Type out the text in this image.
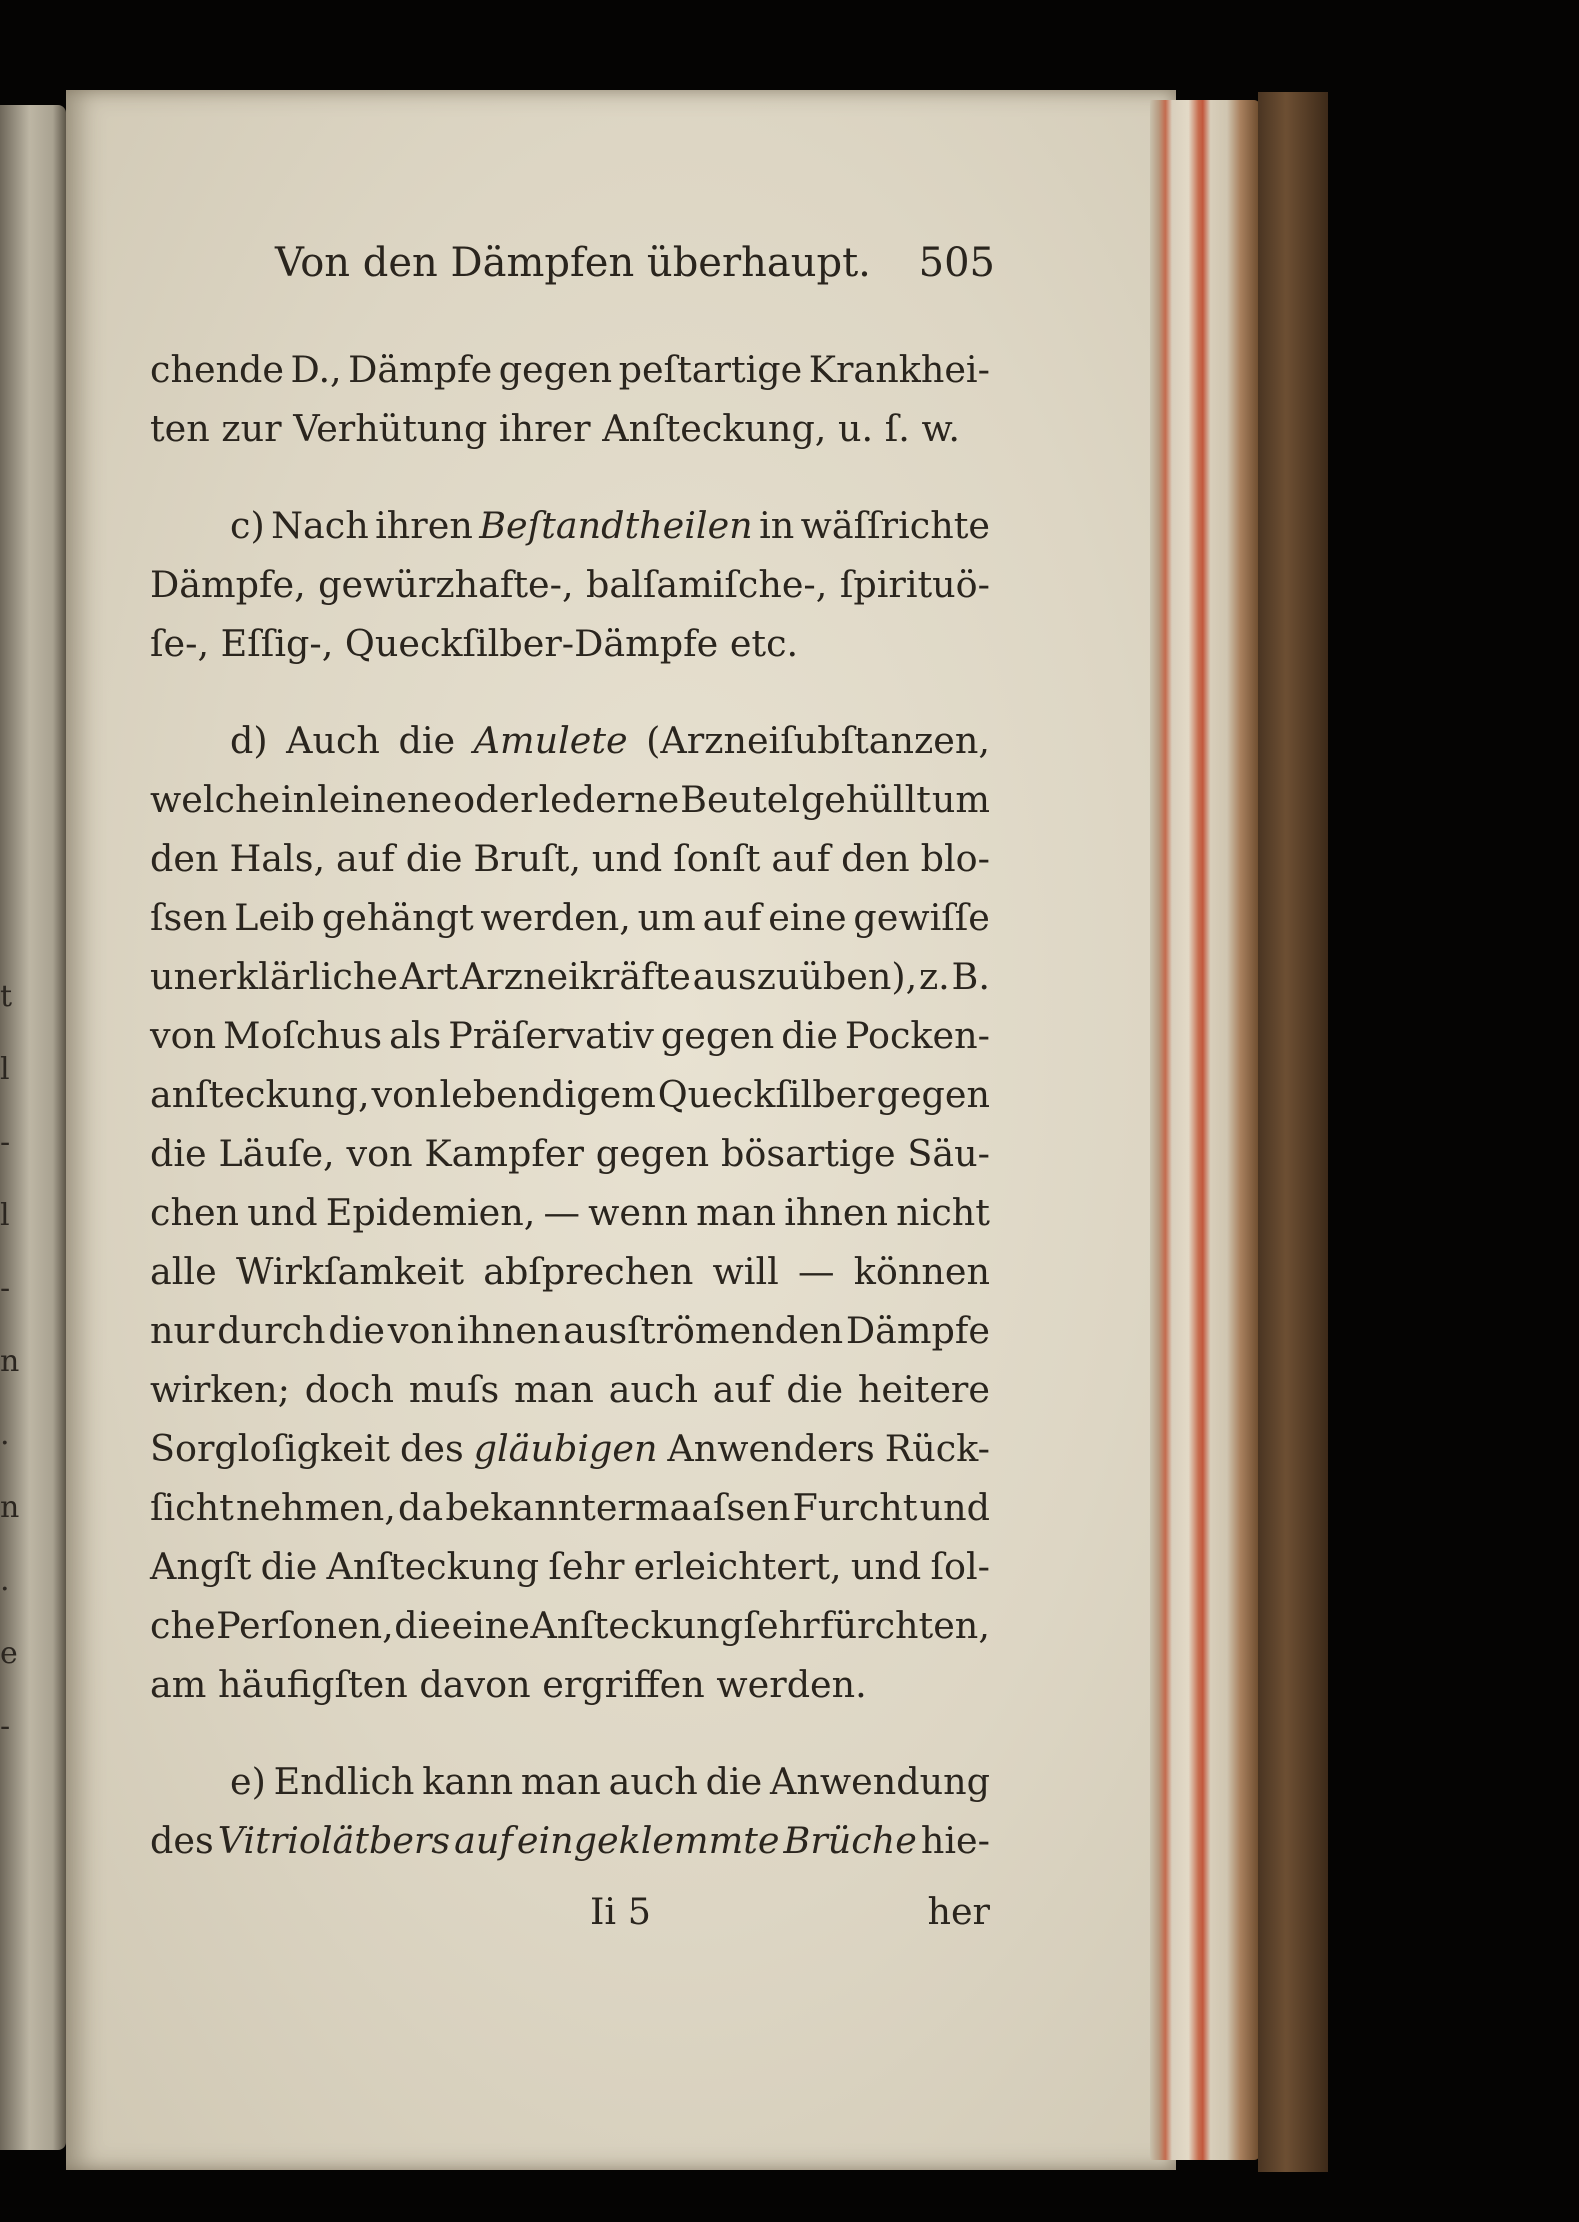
t
l
-
l
-
n
.
n
.
e
-
Von den Dämpfen überhaupt. 505
chende D., Dämpfe gegen peſtartige Krankhei-
ten
zur
Verhütung
ihrer
Anſteckung,
u.
ſ.
w.
c) Nach ihren Beſtandtheilen in wäſſrichte
Dämpfe, gewürzhafte-, balſamiſche-, ſpirituö-
ſe-,
Eſſig-,
Queckſilber-Dämpfe
etc.
d) Auch die Amulete (Arzneiſubſtanzen,
welche in leinene oder lederne Beutel gehüllt um
den Hals, auf die Bruſt, und ſonſt auf den blo-
ſsen Leib gehängt werden, um auf eine gewiſſe
unerklärliche Art Arzneikräfte auszuüben), z. B.
von Moſchus als Präſervativ gegen die Pocken-
anſteckung, von lebendigem Queckſilber gegen
die Läuſe, von Kampfer gegen bösartige Säu-
chen und Epidemien, — wenn man ihnen nicht
alle Wirkſamkeit abſprechen will — können
nur durch die von ihnen ausſtrömenden Dämpfe
wirken; doch muſs man auch auf die heitere
Sorgloſigkeit des gläubigen Anwenders Rück-
ſicht nehmen, da bekanntermaaſsen Furcht und
Angſt die Anſteckung ſehr erleichtert, und ſol-
che Perſonen, die eine Anſteckung ſehr fürchten,
am
häufigſten
davon
ergriffen
werden.
e) Endlich kann man auch die Anwendung
des Vitriolätbers auf eingeklemmte Brüche hie-
Ii 5	her
